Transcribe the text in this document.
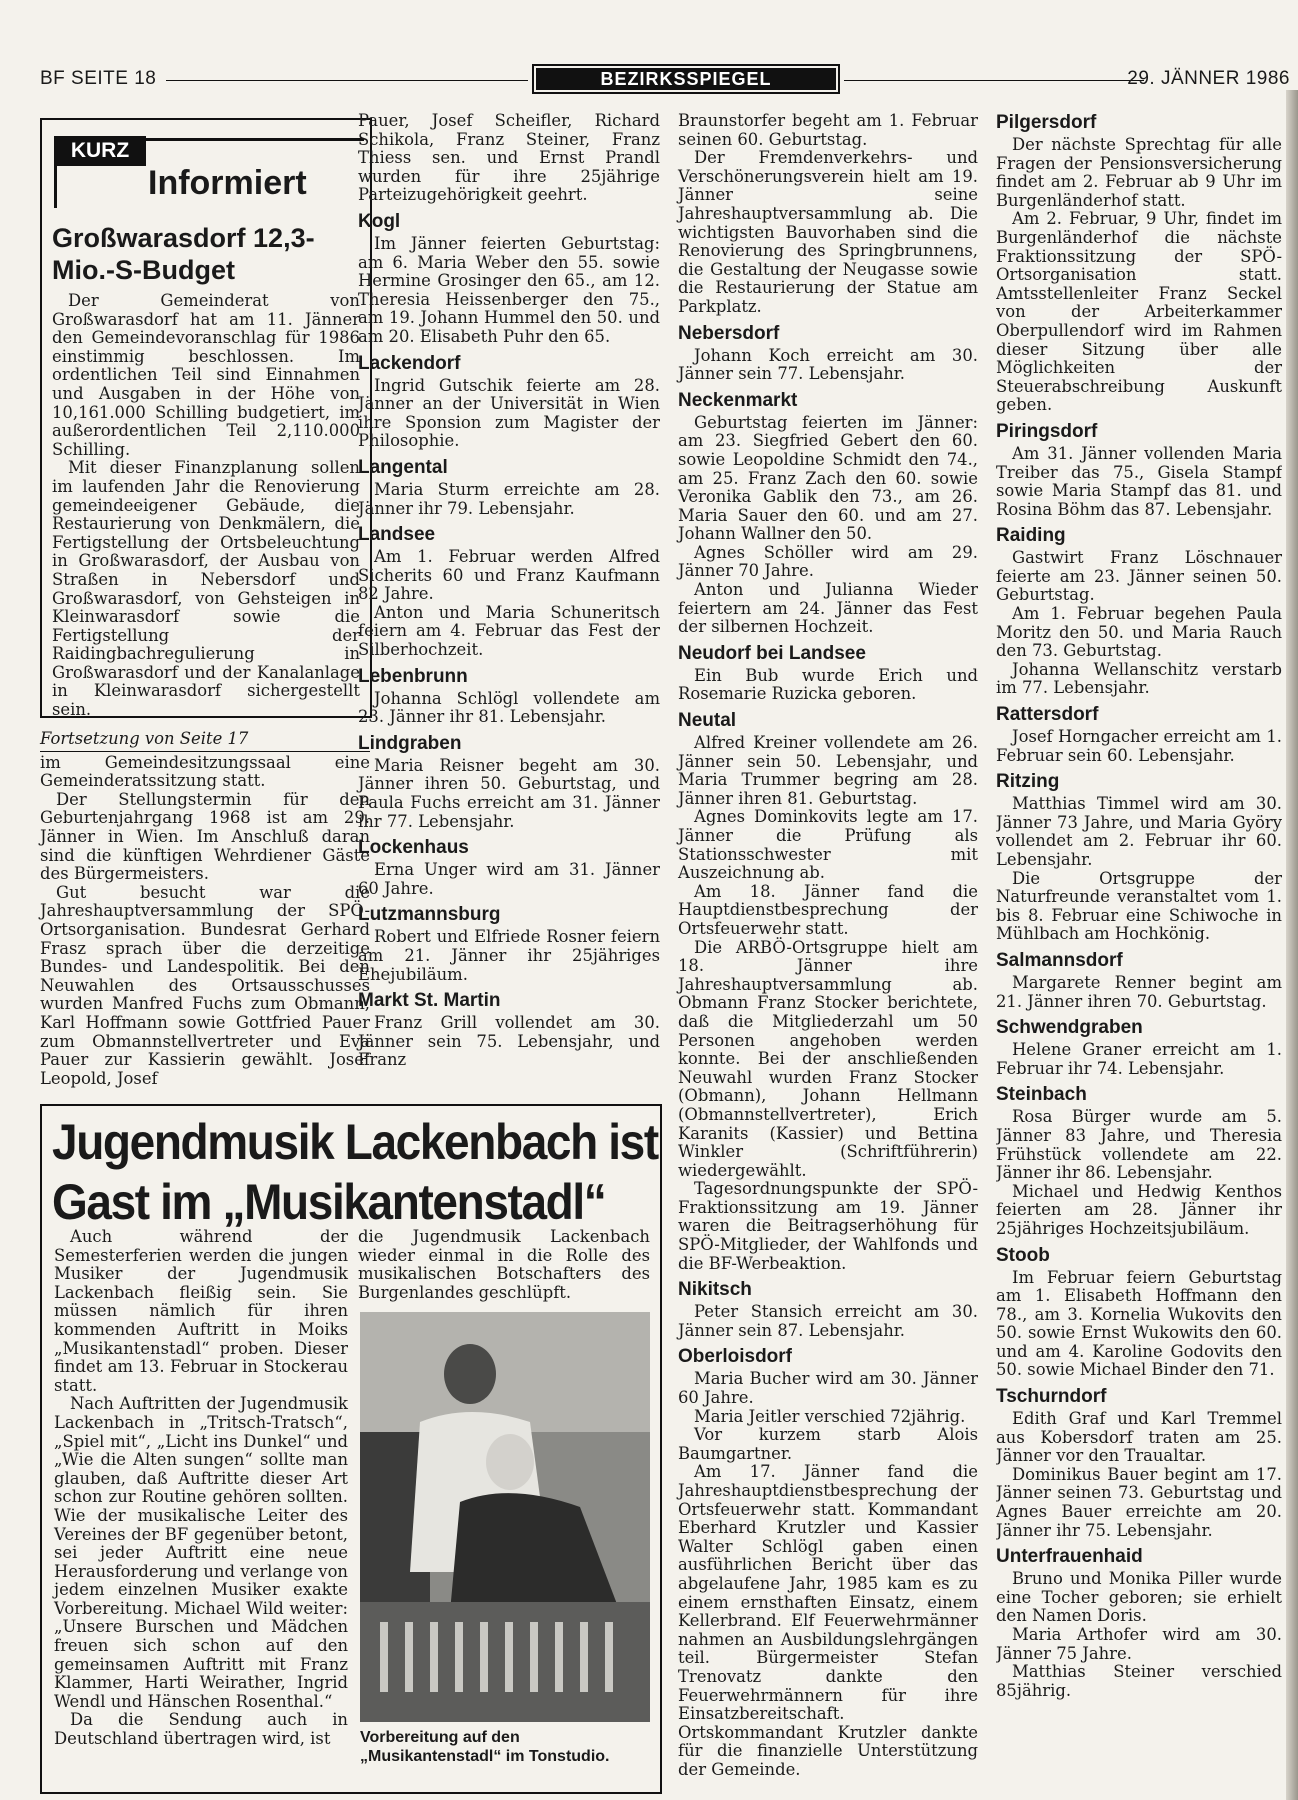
BF SEITE 18	BEZIRKSSPIEGEL	29. JÄNNER 1986
KURZ
Informiert
Großwarasdorf 12,3-Mio.-S-Budget

Der Gemeinderat von Großwarasdorf hat am 11. Jänner den Gemeindevoranschlag für 1986 einstimmig beschlossen. Im ordentlichen Teil sind Einnahmen und Ausgaben in der Höhe von 10,161.000 Schilling budgetiert, im außerordentlichen Teil 2,110.000 Schilling.

Mit dieser Finanzplanung sollen im laufenden Jahr die Renovierung gemeindeeigener Gebäude, die Restaurierung von Denkmälern, die Fertigstellung der Ortsbeleuchtung in Großwarasdorf, der Ausbau von Straßen in Nebersdorf und Großwarasdorf, von Gehsteigen in Kleinwarasdorf sowie die Fertigstellung der Raidingbachregulierung in Großwarasdorf und der Kanalanlage in Kleinwarasdorf sichergestellt sein.

Fortsetzung von Seite 17

im Gemeindesitzungssaal eine Gemeinderatssitzung statt.

Der Stellungstermin für den Geburtenjahrgang 1968 ist am 29. Jänner in Wien. Im Anschluß daran sind die künftigen Wehrdiener Gäste des Bürgermeisters.

Gut besucht war die Jahreshauptversammlung der SPÖ-Ortsorganisation. Bundesrat Gerhard Frasz sprach über die derzeitige Bundes- und Landespolitik. Bei den Neuwahlen des Ortsausschusses wurden Manfred Fuchs zum Obmann, Karl Hoffmann sowie Gottfried Pauer zum Obmannstellvertreter und Eva Pauer zur Kassierin gewählt. Josef Leopold, Josef

Pauer, Josef Scheifler, Richard Schikola, Franz Steiner, Franz Thiess sen. und Ernst Prandl wurden für ihre 25jährige Parteizugehörigkeit geehrt.

Kogl

Im Jänner feierten Geburtstag: am 6. Maria Weber den 55. sowie Hermine Grosinger den 65., am 12. Theresia Heissenberger den 75., am 19. Johann Hummel den 50. und am 20. Elisabeth Puhr den 65.

Lackendorf

Ingrid Gutschik feierte am 28. Jänner an der Universität in Wien ihre Sponsion zum Magister der Philosophie.

Langental

Maria Sturm erreichte am 28. Jänner ihr 79. Lebensjahr.

Landsee

Am 1. Februar werden Alfred Sicherits 60 und Franz Kaufmann 82 Jahre.

Anton und Maria Schuneritsch feiern am 4. Februar das Fest der Silberhochzeit.

Lebenbrunn

Johanna Schlögl vollendete am 23. Jänner ihr 81. Lebensjahr.

Lindgraben

Maria Reisner begeht am 30. Jänner ihren 50. Geburtstag, und Paula Fuchs erreicht am 31. Jänner ihr 77. Lebensjahr.

Lockenhaus

Erna Unger wird am 31. Jänner 60 Jahre.

Lutzmannsburg

Robert und Elfriede Rosner feiern am 21. Jänner ihr 25jähriges Ehejubiläum.

Markt St. Martin

Franz Grill vollendet am 30. Jänner sein 75. Lebensjahr, und Franz

Braunstorfer begeht am 1. Februar seinen 60. Geburtstag.

Der Fremdenverkehrs- und Verschönerungsverein hielt am 19. Jänner seine Jahreshauptversammlung ab. Die wichtigsten Bauvorhaben sind die Renovierung des Springbrunnens, die Gestaltung der Neugasse sowie die Restaurierung der Statue am Parkplatz.

Nebersdorf

Johann Koch erreicht am 30. Jänner sein 77. Lebensjahr.

Neckenmarkt

Geburtstag feierten im Jänner: am 23. Siegfried Gebert den 60. sowie Leopoldine Schmidt den 74., am 25. Franz Zach den 60. sowie Veronika Gablik den 73., am 26. Maria Sauer den 60. und am 27. Johann Wallner den 50.

Agnes Schöller wird am 29. Jänner 70 Jahre.

Anton und Julianna Wieder feiertern am 24. Jänner das Fest der silbernen Hochzeit.

Neudorf bei Landsee

Ein Bub wurde Erich und Rosemarie Ruzicka geboren.

Neutal

Alfred Kreiner vollendete am 26. Jänner sein 50. Lebensjahr, und Maria Trummer begring am 28. Jänner ihren 81. Geburtstag.

Agnes Dominkovits legte am 17. Jänner die Prüfung als Stationsschwester mit Auszeichnung ab.

Am 18. Jänner fand die Hauptdienstbesprechung der Ortsfeuerwehr statt.

Die ARBÖ-Ortsgruppe hielt am 18. Jänner ihre Jahreshauptversammlung ab. Obmann Franz Stocker berichtete, daß die Mitgliederzahl um 50 Personen angehoben werden konnte. Bei der anschließenden Neuwahl wurden Franz Stocker (Obmann), Johann Hellmann (Obmannstellvertreter), Erich Karanits (Kassier) und Bettina Winkler (Schriftführerin) wiedergewählt.

Tagesordnungspunkte der SPÖ-Fraktionssitzung am 19. Jänner waren die Beitragserhöhung für SPÖ-Mitglieder, der Wahlfonds und die BF-Werbeaktion.

Nikitsch

Peter Stansich erreicht am 30. Jänner sein 87. Lebensjahr.

Oberloisdorf

Maria Bucher wird am 30. Jänner 60 Jahre.

Maria Jeitler verschied 72jährig.

Vor kurzem starb Alois Baumgartner.

Am 17. Jänner fand die Jahreshauptdienstbesprechung der Ortsfeuerwehr statt. Kommandant Eberhard Krutzler und Kassier Walter Schlögl gaben einen ausführlichen Bericht über das abgelaufene Jahr, 1985 kam es zu einem ernsthaften Einsatz, einem Kellerbrand. Elf Feuerwehrmänner nahmen an Ausbildungslehrgängen teil. Bürgermeister Stefan Trenovatz dankte den Feuerwehrmännern für ihre Einsatzbereitschaft. Ortskommandant Krutzler dankte für die finanzielle Unterstützung der Gemeinde.

Pilgersdorf

Der nächste Sprechtag für alle Fragen der Pensionsversicherung findet am 2. Februar ab 9 Uhr im Burgenländerhof statt.

Am 2. Februar, 9 Uhr, findet im Burgenländerhof die nächste Fraktionssitzung der SPÖ-Ortsorganisation statt. Amtsstellenleiter Franz Seckel von der Arbeiterkammer Oberpullendorf wird im Rahmen dieser Sitzung über alle Möglichkeiten der Steuerabschreibung Auskunft geben.

Piringsdorf

Am 31. Jänner vollenden Maria Treiber das 75., Gisela Stampf sowie Maria Stampf das 81. und Rosina Böhm das 87. Lebensjahr.

Raiding

Gastwirt Franz Löschnauer feierte am 23. Jänner seinen 50. Geburtstag.

Am 1. Februar begehen Paula Moritz den 50. und Maria Rauch den 73. Geburtstag.

Johanna Wellanschitz verstarb im 77. Lebensjahr.

Rattersdorf

Josef Horngacher erreicht am 1. Februar sein 60. Lebensjahr.

Ritzing

Matthias Timmel wird am 30. Jänner 73 Jahre, und Maria Györy vollendet am 2. Februar ihr 60. Lebensjahr.

Die Ortsgruppe der Naturfreunde veranstaltet vom 1. bis 8. Februar eine Schiwoche in Mühlbach am Hochkönig.

Salmannsdorf

Margarete Renner begint am 21. Jänner ihren 70. Geburtstag.

Schwendgraben

Helene Graner erreicht am 1. Februar ihr 74. Lebensjahr.

Steinbach

Rosa Bürger wurde am 5. Jänner 83 Jahre, und Theresia Frühstück vollendete am 22. Jänner ihr 86. Lebensjahr.

Michael und Hedwig Kenthos feierten am 28. Jänner ihr 25jähriges Hochzeitsjubiläum.

Stoob

Im Februar feiern Geburtstag am 1. Elisabeth Hoffmann den 78., am 3. Kornelia Wukovits den 50. sowie Ernst Wukowits den 60. und am 4. Karoline Godovits den 50. sowie Michael Binder den 71.

Tschurndorf

Edith Graf und Karl Tremmel aus Kobersdorf traten am 25. Jänner vor den Traualtar.

Dominikus Bauer begint am 17. Jänner seinen 73. Geburtstag und Agnes Bauer erreichte am 20. Jänner ihr 75. Lebensjahr.

Unterfrauenhaid

Bruno und Monika Piller wurde eine Tocher geboren; sie erhielt den Namen Doris.

Maria Arthofer wird am 30. Jänner 75 Jahre.

Matthias Steiner verschied 85jährig.

Jugendmusik Lackenbach ist
Gast im „Musikantenstadl“

Auch während der Semesterferien werden die jungen Musiker der Jugendmusik Lackenbach fleißig sein. Sie müssen nämlich für ihren kommenden Auftritt in Moiks „Musikantenstadl“ proben. Dieser findet am 13. Februar in Stockerau statt.

Nach Auftritten der Jugendmusik Lackenbach in „Tritsch-Tratsch“, „Spiel mit“, „Licht ins Dunkel“ und „Wie die Alten sungen“ sollte man glauben, daß Auftritte dieser Art schon zur Routine gehören sollten. Wie der musikalische Leiter des Vereines der BF gegenüber betont, sei jeder Auftritt eine neue Herausforderung und verlange von jedem einzelnen Musiker exakte Vorbereitung. Michael Wild weiter: „Unsere Burschen und Mädchen freuen sich schon auf den gemeinsamen Auftritt mit Franz Klammer, Harti Weirather, Ingrid Wendl und Hänschen Rosenthal.“

Da die Sendung auch in Deutschland übertragen wird, ist

die Jugendmusik Lackenbach wieder einmal in die Rolle des musikalischen Botschafters des Burgenlandes geschlüpft.

Vorbereitung auf den „Musikantenstadl“ im Tonstudio.
